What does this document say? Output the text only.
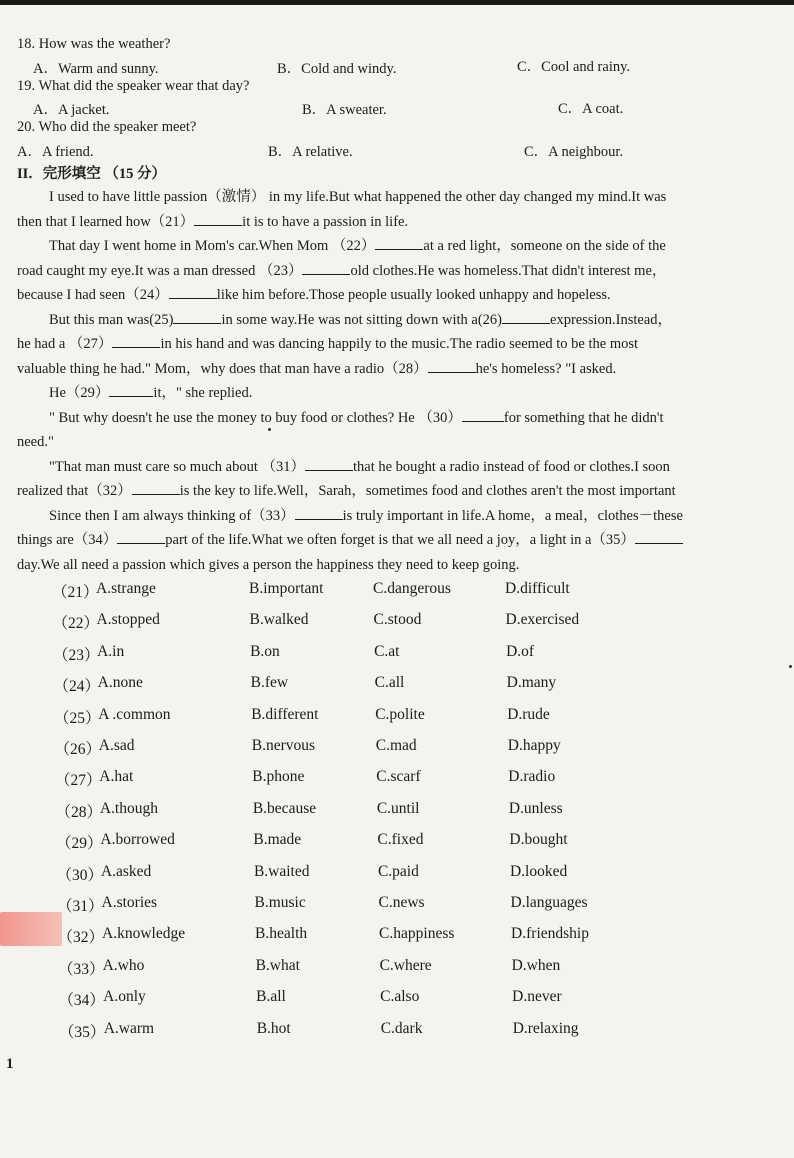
18. How was the weather?
A．Warm and sunny.	B．Cold and windy.	C．Cool and rainy.
19. What did the speaker wear that day?
A．A jacket.	B．A sweater.	C．A coat.
20. Who did the speaker meet?
A．A friend.	B．A relative.	C．A neighbour.
II．完形填空 （15 分）

I used to have little passion（激情） in my life.But what happened the other day changed my mind.It was

then that I learned how（21）	it is to have a passion in life.

That day I went home in Mom's car.When Mom （22）	at a red light，someone on the side of the

road caught my eye.It was a man dressed （23）	old clothes.He was homeless.That didn't interest me，

because I had seen（24）	like him before.Those people usually looked unhappy and hopeless.

But this man was(25)	in some way.He was not sitting down with a(26)	expression.Instead，

he had a （27）	in his hand and was dancing happily to the music.The radio seemed to be the most

valuable thing he had." Mom，why does that man have a radio（28）	he's homeless? "I asked.

He（29）	it，" she replied.

" But why doesn't he use the money to buy food or clothes? He （30）	for something that he didn't

need."

"That man must care so much about （31）	that he bought a radio instead of food or clothes.I soon

realized that（32）	is the key to life.Well，Sarah，sometimes food and clothes aren't the most important

Since then I am always thinking of（33）	is truly important in life.A home，a meal，clothes－these

things are（34）	part of the life.What we often forget is that we all need a joy，a light in a（35）

day.We all need a passion which gives a person the happiness they need to keep going.

（21）
A.strange	B.important	C.dangerous	D.difficult
（22）
A.stopped	B.walked	C.stood	D.exercised
（23）
A.in	B.on	C.at	D.of
（24）
A.none	B.few	C.all	D.many
（25）
A .common	B.different	C.polite	D.rude
（26）
A.sad	B.nervous	C.mad	D.happy
（27）
A.hat	B.phone	C.scarf	D.radio
（28）
A.though	B.because	C.until	D.unless
（29）
A.borrowed	B.made	C.fixed	D.bought
（30）
A.asked	B.waited	C.paid	D.looked
（31）
A.stories	B.music	C.news	D.languages
（32）
A.knowledge	B.health	C.happiness	D.friendship
（33）
A.who	B.what	C.where	D.when
（34）
A.only	B.all	C.also	D.never
（35）
A.warm	B.hot	C.dark	D.relaxing
1
